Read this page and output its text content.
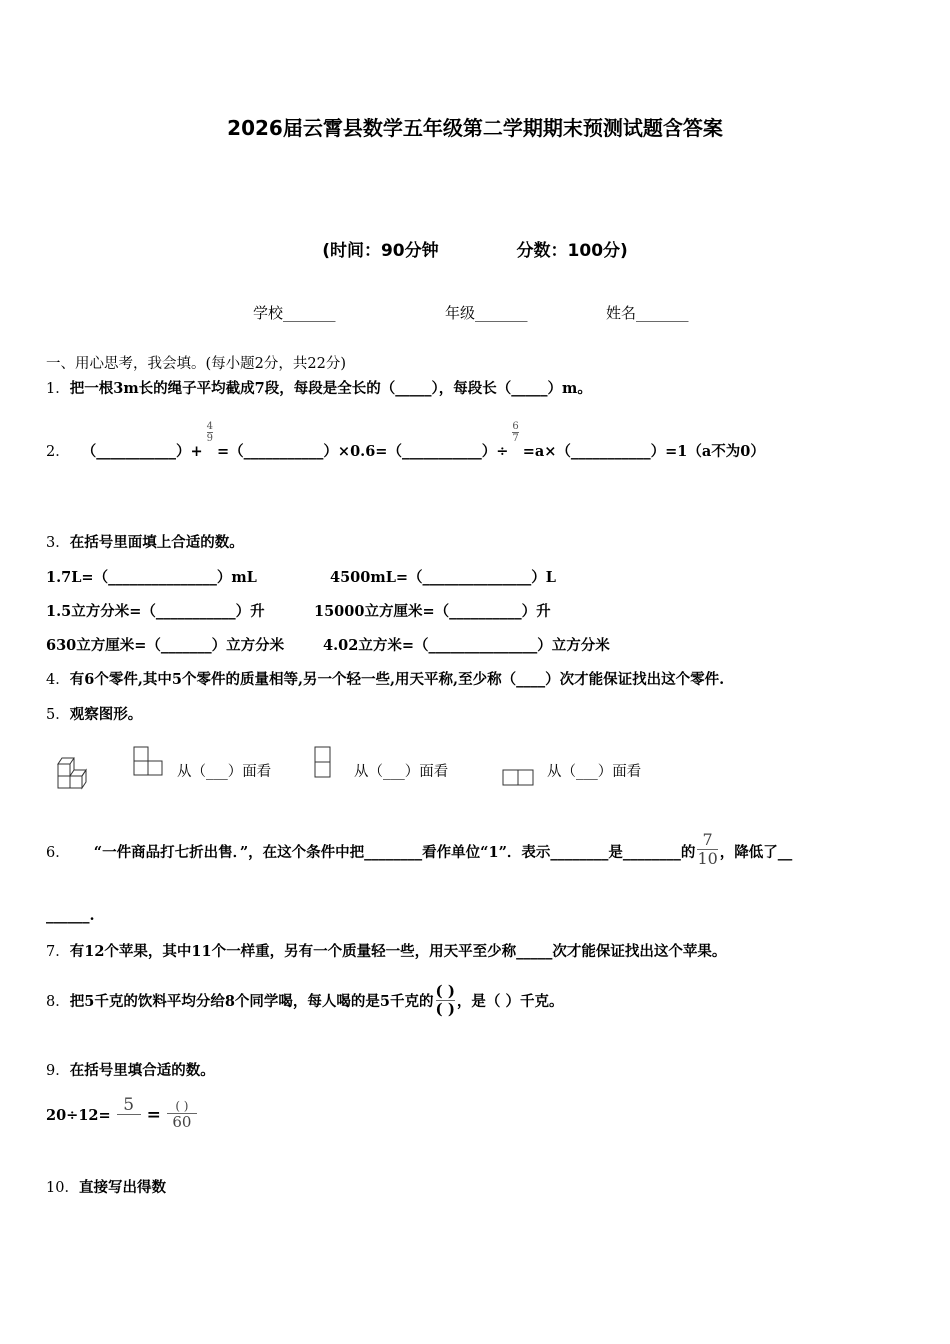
2026届云霄县数学五年级第二学期期末预测试题含答案
(时间：90分钟	分数：100分)
学校_______	年级_______	姓名_______
一、用心思考，我会填。(每小题2分，共22分)
1．把一根3m长的绳子平均截成7段，每段是全长的（_____），每段长（_____）m。
2． （___________）+
$\frac{4}{9}$
=（___________）×0.6=（___________）÷
$\frac{6}{7}$
=a×（___________）=1（a不为0）
3．在括号里面填上合适的数。
1.7L=（_______________）mL	4500mL=（_______________）L
1.5立方分米=（___________）升	15000立方厘米=（__________）升
630立方厘米=（_______）立方分米	4.02立方米=（_______________）立方分米
4．有6个零件,其中5个零件的质量相等,另一个轻一些,用天平称,至少称（____）次才能保证找出这个零件.
5．观察图形。
从（___）面看	从（___）面看	从（___）面看
6． “一件商品打七折出售．”，在这个条件中把________看作单位“1”．表示________是________的 $\frac{7}{10}$ ，降低了__
______.
7．有12个苹果，其中11个一样重，另有一个质量轻一些，用天平至少称_____次才能保证找出这个苹果。
8． 把5千克的饮料平均分给8个同学喝，每人喝的是5千克的 $\frac{( )}{( )}$ ，是（ ）千克。
9．在括号里填合适的数。
20÷12=
5
= $\frac{( )}{60}$
10．直接写出得数
